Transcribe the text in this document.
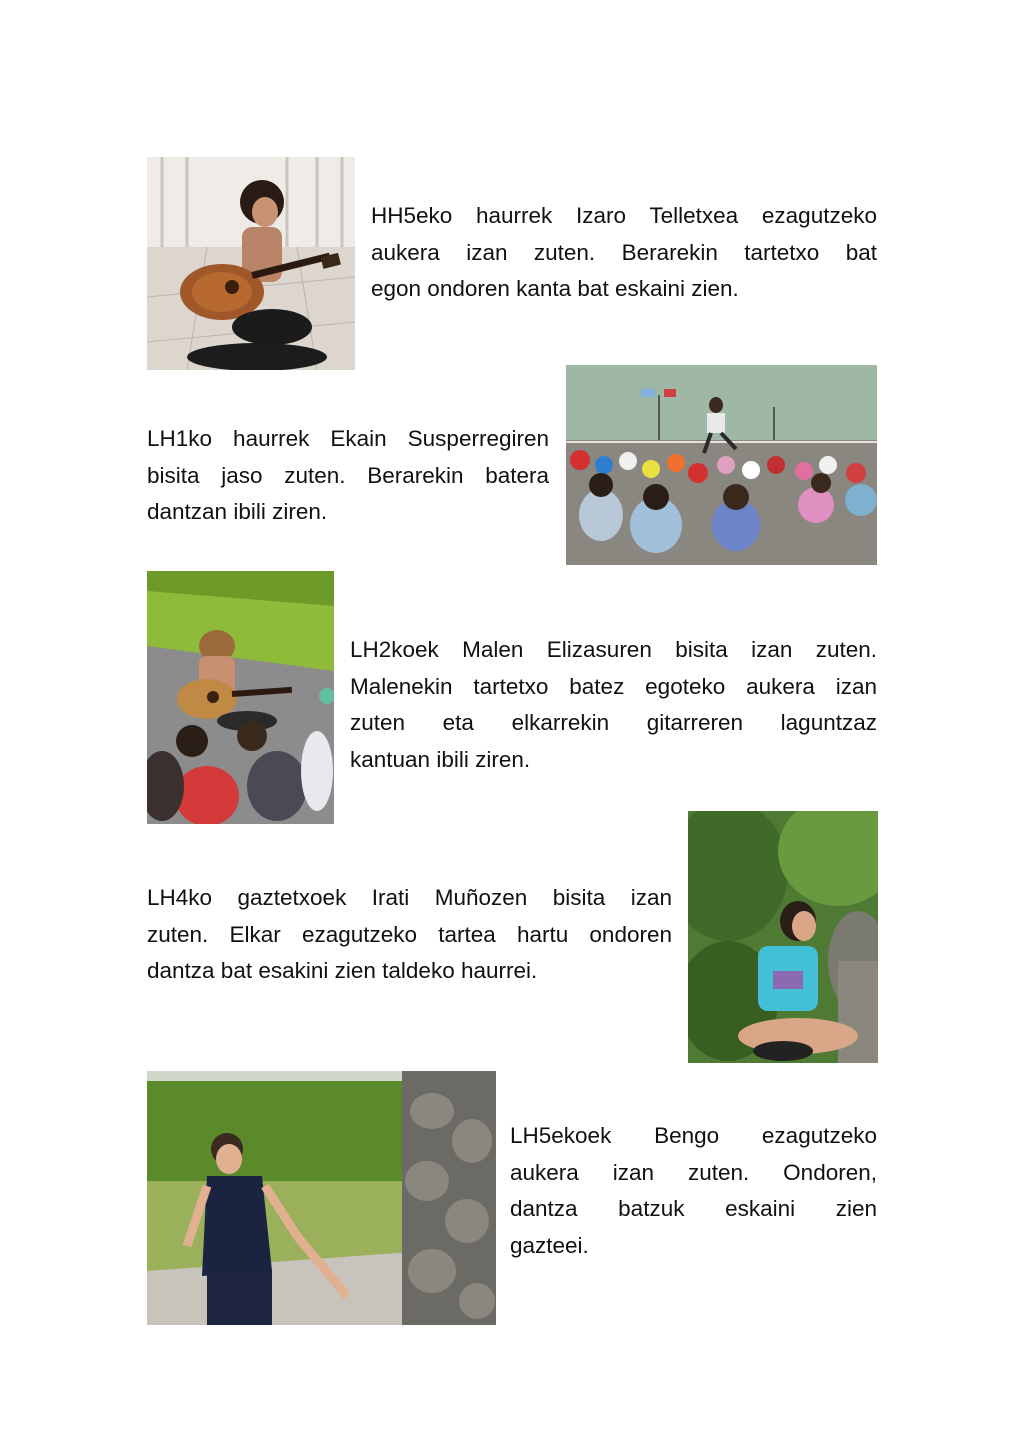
HH5eko haurrek Izaro Telletxea ezagutzeko
aukera izan zuten. Berarekin tartetxo bat
egon ondoren kanta bat eskaini zien.

LH1ko haurrek Ekain Susperregiren
bisita jaso zuten. Berarekin batera
dantzan ibili ziren.

LH2koek Malen Elizasuren bisita izan zuten.
Malenekin tartetxo batez egoteko aukera izan
zuten eta elkarrekin gitarreren laguntzaz
kantuan ibili ziren.

LH4ko gaztetxoek Irati Muñozen bisita izan
zuten. Elkar ezagutzeko tartea hartu ondoren
dantza bat esakini zien taldeko haurrei.

LH5ekoek Bengo ezagutzeko
aukera izan zuten. Ondoren,
dantza batzuk eskaini zien
gazteei.
